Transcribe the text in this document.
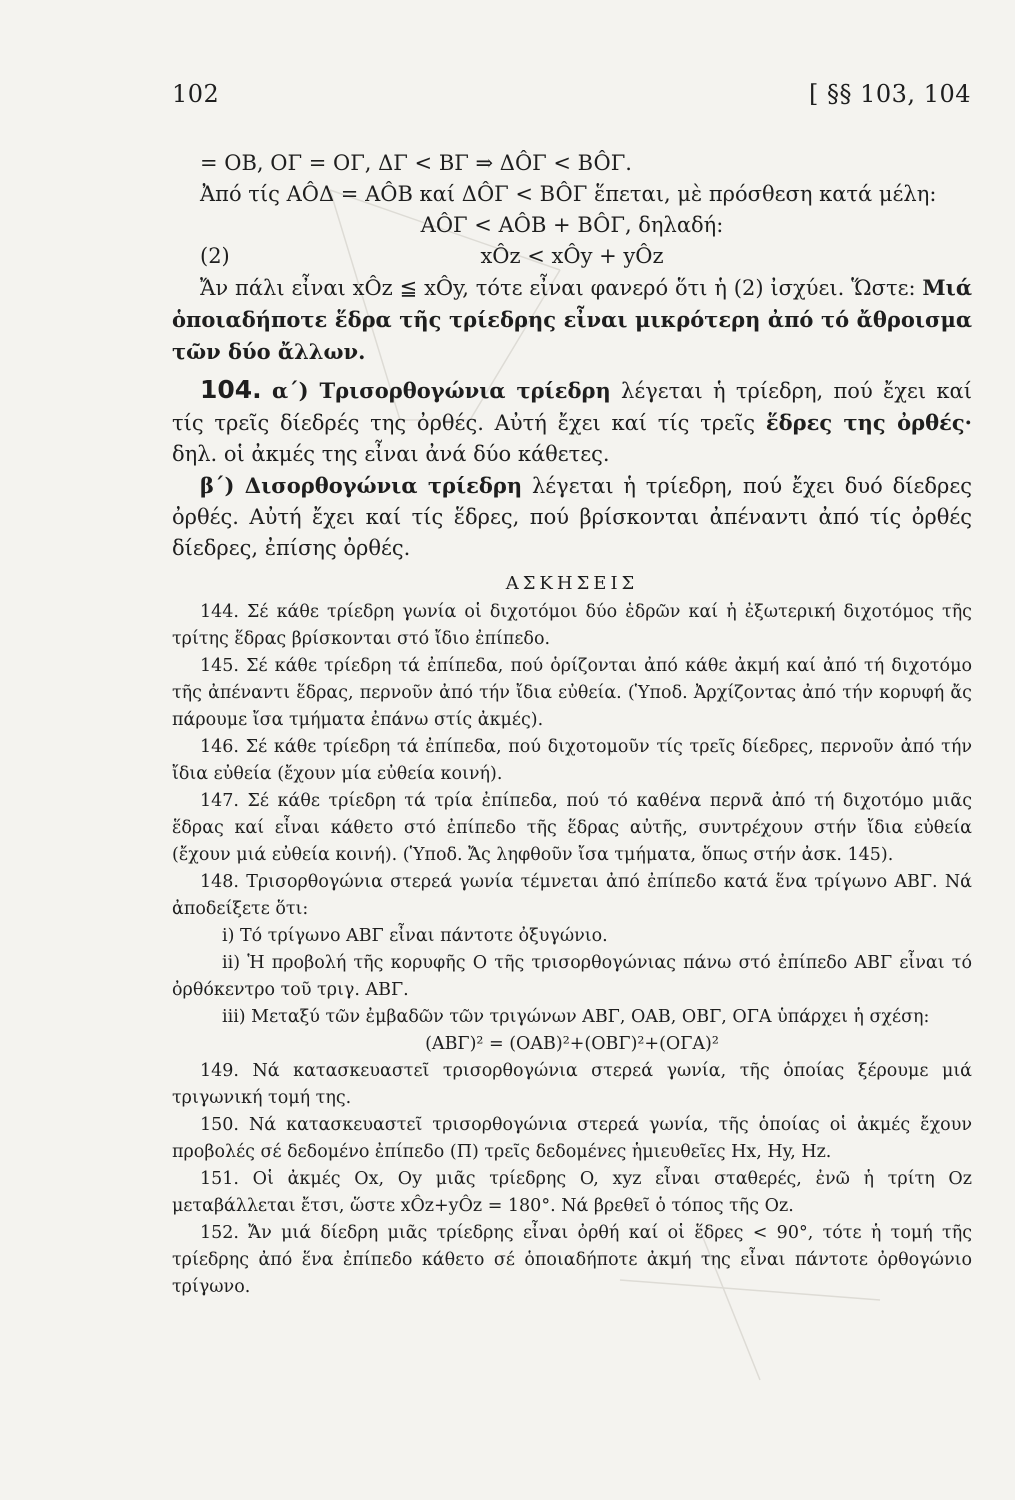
102	[ §§ 103, 104

= OB, OΓ = OΓ, ΔΓ < BΓ ⇒ ΔÔΓ < BÔΓ.

Ἀπό τίς AÔΔ = AÔB καί ΔÔΓ < BÔΓ ἕπεται, μὲ πρόσθεση κατά μέλη:

AÔΓ < AÔB + BÔΓ, δηλαδή:

(2)	xÔz < xÔy + yÔz

Ἄν πάλι εἶναι xÔz ≦ xÔy, τότε εἶναι φανερό ὅτι ἡ (2) ἰσχύει. Ὥστε: Μιά ὁποιαδήποτε ἕδρα τῆς τρίεδρης εἶναι μικρότερη ἀπό τό ἄθροισμα τῶν δύο ἄλλων.

104. α΄) Τρισορθογώνια τρίεδρη λέγεται ἡ τρίεδρη, πού ἔχει καί τίς τρεῖς δίεδρές της ὀρθές. Αὐτή ἔχει καί τίς τρεῖς ἕδρες της ὀρθές· δηλ. οἱ ἀκμές της εἶναι ἀνά δύο κάθετες.

β΄) Δισορθογώνια τρίεδρη λέγεται ἡ τρίεδρη, πού ἔχει δυό δίεδρες ὀρθές. Αὐτή ἔχει καί τίς ἕδρες, πού βρίσκονται ἀπέναντι ἀπό τίς ὀρθές δίεδρες, ἐπίσης ὀρθές.

ΑΣΚΗΣΕΙΣ

144. Σέ κάθε τρίεδρη γωνία οἱ διχοτόμοι δύο ἑδρῶν καί ἡ ἐξωτερική διχοτόμος τῆς τρίτης ἕδρας βρίσκονται στό ἴδιο ἐπίπεδο.

145. Σέ κάθε τρίεδρη τά ἐπίπεδα, πού ὁρίζονται ἀπό κάθε ἀκμή καί ἀπό τή διχοτόμο τῆς ἀπέναντι ἕδρας, περνοῦν ἀπό τήν ἴδια εὐθεία. (Ὑποδ. Ἀρχίζοντας ἀπό τήν κορυφή ἄς πάρουμε ἴσα τμήματα ἐπάνω στίς ἀκμές).

146. Σέ κάθε τρίεδρη τά ἐπίπεδα, πού διχοτομοῦν τίς τρεῖς δίεδρες, περνοῦν ἀπό τήν ἴδια εὐθεία (ἔχουν μία εὐθεία κοινή).

147. Σέ κάθε τρίεδρη τά τρία ἐπίπεδα, πού τό καθένα περνᾶ ἀπό τή διχοτόμο μιᾶς ἕδρας καί εἶναι κάθετο στό ἐπίπεδο τῆς ἕδρας αὐτῆς, συντρέχουν στήν ἴδια εὐθεία (ἔχουν μιά εὐθεία κοινή). (Ὑποδ. Ἄς ληφθοῦν ἴσα τμήματα, ὅπως στήν ἀσκ. 145).

148. Τρισορθογώνια στερεά γωνία τέμνεται ἀπό ἐπίπεδο κατά ἕνα τρίγωνο ΑΒΓ. Νά ἀποδείξετε ὅτι:

i) Τό τρίγωνο ΑΒΓ εἶναι πάντοτε ὀξυγώνιο.

ii) Ἡ προβολή τῆς κορυφῆς O τῆς τρισορθογώνιας πάνω στό ἐπίπεδο ΑΒΓ εἶναι τό ὀρθόκεντρο τοῦ τριγ. ΑΒΓ.

iii) Μεταξύ τῶν ἐμβαδῶν τῶν τριγώνων ΑΒΓ, ΟΑΒ, ΟΒΓ, ΟΓΑ ὑπάρχει ἡ σχέση:

(ΑΒΓ)² = (ΟΑΒ)²+(ΟΒΓ)²+(ΟΓΑ)²

149. Νά κατασκευαστεῖ τρισορθογώνια στερεά γωνία, τῆς ὁποίας ξέρουμε μιά τριγωνική τομή της.

150. Νά κατασκευαστεῖ τρισορθογώνια στερεά γωνία, τῆς ὁποίας οἱ ἀκμές ἔχουν προβολές σέ δεδομένο ἐπίπεδο (Π) τρεῖς δεδομένες ἡμιευθεῖες Hx, Hy, Hz.

151. Οἱ ἀκμές Ox, Oy μιᾶς τρίεδρης O, xyz εἶναι σταθερές, ἐνῶ ἡ τρίτη Oz μεταβάλλεται ἔτσι, ὥστε xÔz+yÔz = 180°. Νά βρεθεῖ ὁ τόπος τῆς Oz.

152. Ἄν μιά δίεδρη μιᾶς τρίεδρης εἶναι ὀρθή καί οἱ ἕδρες < 90°, τότε ἡ τομή τῆς τρίεδρης ἀπό ἕνα ἐπίπεδο κάθετο σέ ὁποιαδήποτε ἀκμή της εἶναι πάντοτε ὀρθογώνιο τρίγωνο.
